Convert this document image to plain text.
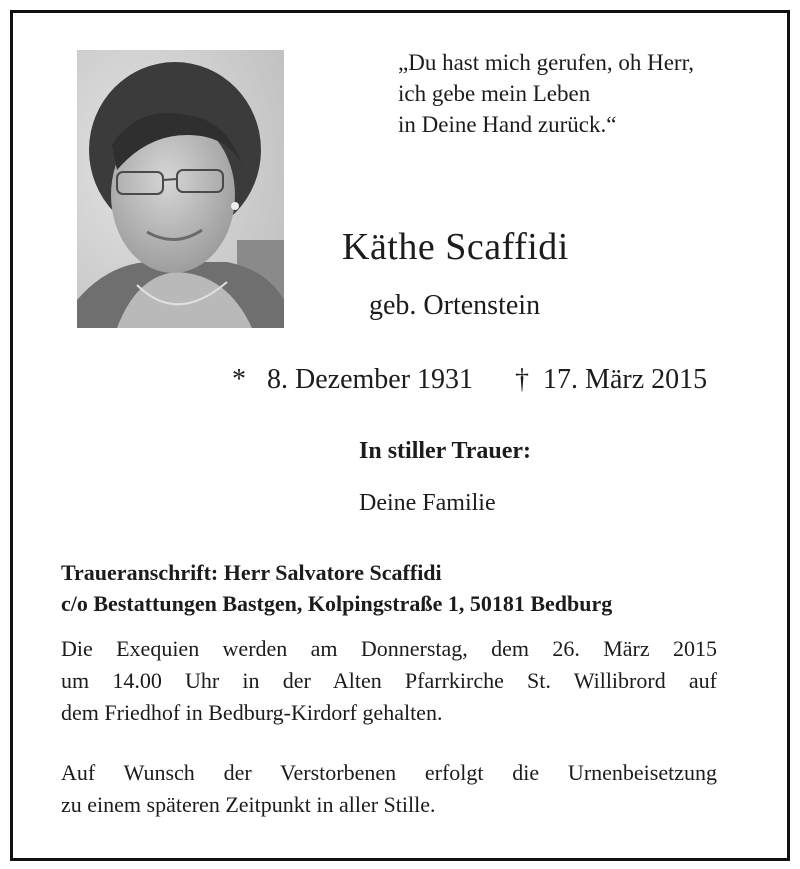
„Du hast mich gerufen, oh Herr,
ich gebe mein Leben
in Deine Hand zurück.“
Käthe Scaffidi
geb. Ortenstein
* 8. Dezember 1931 † 17. März 2015
In stiller Trauer:
Deine Familie
Traueranschrift: Herr Salvatore Scaffidi
c/o Bestattungen Bastgen, Kolpingstraße 1, 50181 Bedburg
Die Exequien werden am Donnerstag, dem 26. März 2015
um 14.00 Uhr in der Alten Pfarrkirche St. Willibrord auf
dem Friedhof in Bedburg-Kirdorf gehalten.
Auf Wunsch der Verstorbenen erfolgt die Urnenbeisetzung
zu einem späteren Zeitpunkt in aller Stille.
